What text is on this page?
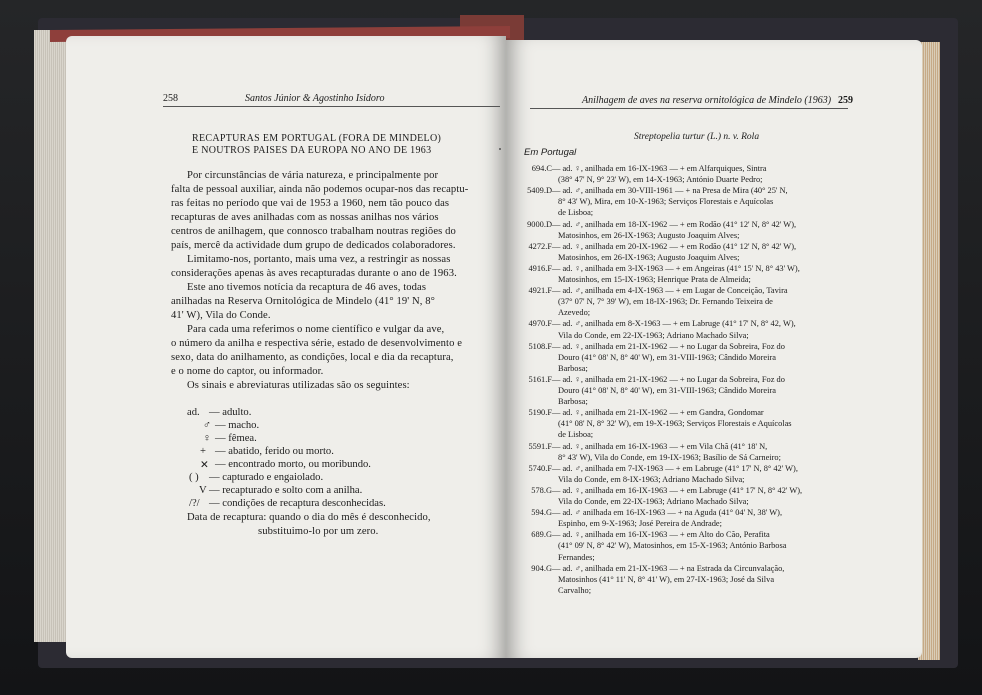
258	Santos Júnior & Agostinho Isidoro
RECAPTURAS EM PORTUGAL (FORA DE MINDELO)
E NOUTROS PAISES DA EUROPA NO ANO DE 1963
Por circunstâncias de vária natureza, e principalmente por
falta de pessoal auxiliar, ainda não podemos ocupar-nos das recaptu-
ras feitas no período que vai de 1953 a 1960, nem tão pouco das
recapturas de aves anilhadas com as nossas anilhas nos vários
centros de anilhagem, que connosco trabalham noutras regiões do
país, mercê da actividade dum grupo de dedicados colaboradores.
Limitamo-nos, portanto, mais uma vez, a restringir as nossas
considerações apenas às aves recapturadas durante o ano de 1963.
Este ano tivemos notícia da recaptura de 46 aves, todas
anilhadas na Reserva Ornitológica de Mindelo (41° 19' N, 8°
41' W), Vila do Conde.
Para cada uma referimos o nome científico e vulgar da ave,
o número da anilha e respectiva série, estado de desenvolvimento e
sexo, data do anilhamento, as condições, local e dia da recaptura,
e o nome do captor, ou informador.
Os sinais e abreviaturas utilizadas são os seguintes:
ad. — adulto.
♂ — macho.
♀ — fêmea.
+ — abatido, ferido ou morto.
✕ — encontrado morto, ou moribundo.
( ) — capturado e engaiolado.
V — recapturado e solto com a anilha.
/?/ — condições de recaptura desconhecidas.
Data de recaptura: quando o dia do mês é desconhecido,
substituimo-lo por um zero.
Anilhagem de aves na reserva ornitológica de Mindelo (1963) 259
Streptopelia turtur (L.) n. v. Rola
Em Portugal
694.C— ad. ♀, anilhada em 16-IX-1963 — + em Alfarquiques, Sintra
(38° 47' N, 9° 23' W), em 14-X-1963; António Duarte Pedro;
5409.D— ad. ♂, anilhada em 30-VIII-1961 — + na Presa de Mira (40° 25' N,
8° 43' W), Mira, em 10-X-1963; Serviços Florestais e Aquícolas
de Lisboa;
9000.D— ad. ♂, anilhada em 18-IX-1962 — + em Rodão (41° 12' N, 8° 42' W),
Matosinhos, em 26-IX-1963; Augusto Joaquim Alves;
4272.F— ad. ♀, anilhada em 20-IX-1962 — + em Rodão (41° 12' N, 8° 42' W),
Matosinhos, em 26-IX-1963; Augusto Joaquim Alves;
4916.F— ad. ♀, anilhada em 3-IX-1963 — + em Angeiras (41° 15' N, 8° 43' W),
Matosinhos, em 15-IX-1963; Henrique Prata de Almeida;
4921.F— ad. ♂, anilhada em 4-IX-1963 — + em Lugar de Conceição, Tavira
(37° 07' N, 7° 39' W), em 18-IX-1963; Dr. Fernando Teixeira de
Azevedo;
4970.F— ad. ♂, anilhada em 8-X-1963 — + em Labruge (41° 17' N, 8° 42, W),
Vila do Conde, em 22-IX-1963; Adriano Machado Silva;
5108.F— ad. ♀, anilhada em 21-IX-1962 — + no Lugar da Sobreira, Foz do
Douro (41° 08' N, 8° 40' W), em 31-VIII-1963; Cândido Moreira
Barbosa;
5161.F— ad. ♀, anilhada em 21-IX-1962 — + no Lugar da Sobreira, Foz do
Douro (41° 08' N, 8° 40' W), em 31-VIII-1963; Cândido Moreira
Barbosa;
5190.F— ad. ♀, anilhada em 21-IX-1962 — + em Gandra, Gondomar
(41° 08' N, 8° 32' W), em 19-X-1963; Serviços Florestais e Aquícolas
de Lisboa;
5591.F— ad. ♀, anilhada em 16-IX-1963 — + em Vila Chã (41° 18' N,
8° 43' W), Vila do Conde, em 19-IX-1963; Basílio de Sá Carneiro;
5740.F— ad. ♂, anilhada em 7-IX-1963 — + em Labruge (41° 17' N, 8° 42' W),
Vila do Conde, em 8-IX-1963; Adriano Machado Silva;
578.G— ad. ♀, anilhada em 16-IX-1963 — + em Labruge (41° 17' N, 8° 42' W),
Vila do Conde, em 22-IX-1963; Adriano Machado Silva;
594.G— ad. ♂ anilhada em 16-IX-1963 — + na Aguda (41° 04' N, 38' W),
Espinho, em 9-X-1963; José Pereira de Andrade;
689.G— ad. ♀, anilhada em 16-IX-1963 — + em Alto do Cão, Perafita
(41° 09' N, 8° 42' W), Matosinhos, em 15-X-1963; António Barbosa
Fernandes;
904.G— ad. ♂, anilhada em 21-IX-1963 — + na Estrada da Circunvalação,
Matosinhos (41° 11' N, 8° 41' W), em 27-IX-1963; José da Silva
Carvalho;
